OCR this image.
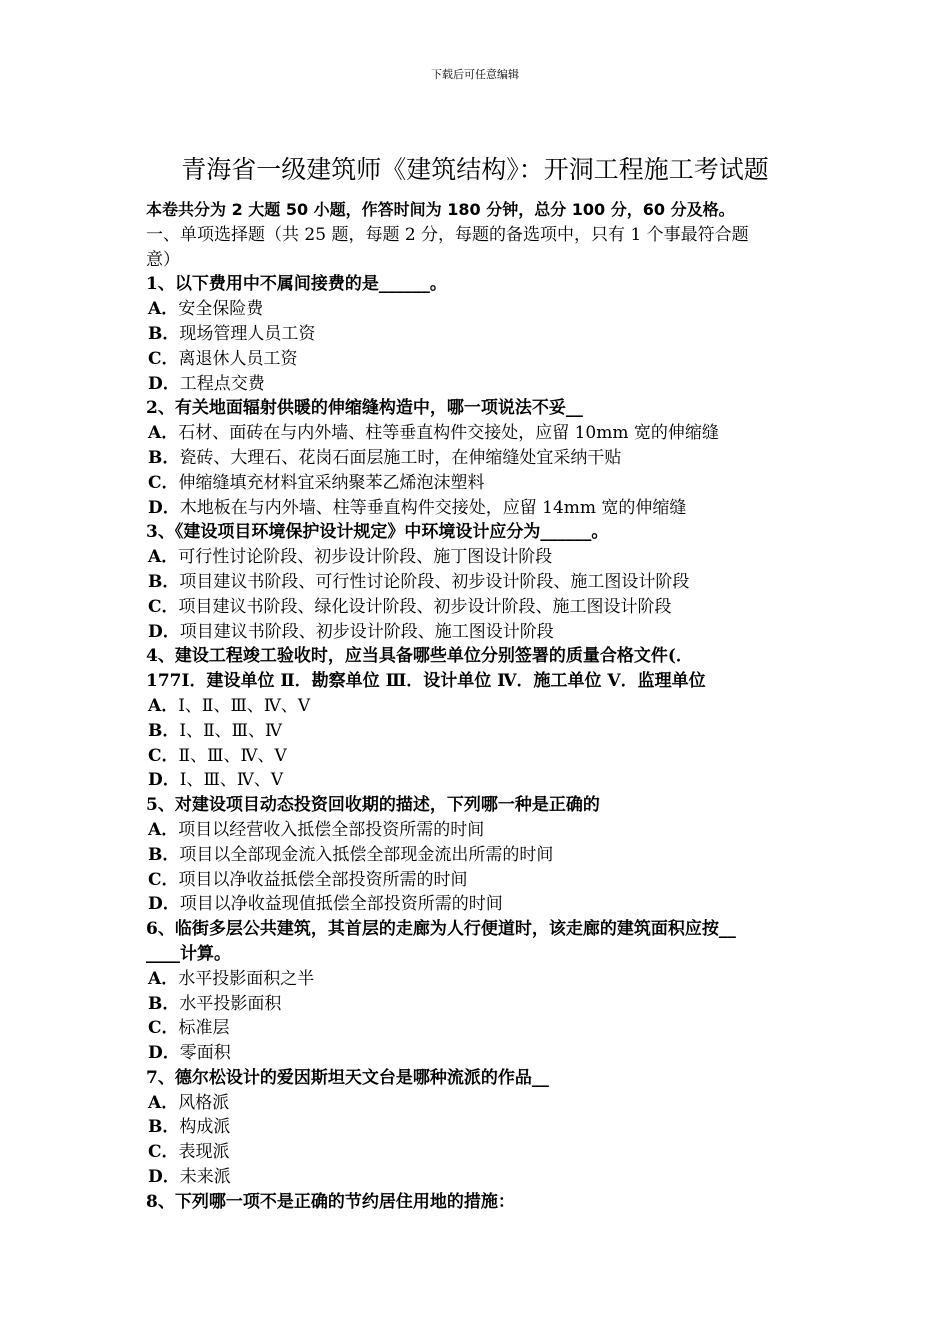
下载后可任意编辑
青海省一级建筑师《建筑结构》：开洞工程施工考试题
本卷共分为 2 大题 50 小题，作答时间为 180 分钟，总分 100 分，60 分及格。
一、单项选择题（共 25 题，每题 2 分，每题的备选项中，只有 1 个事最符合题
意）
1、以下费用中不属间接费的是______。
A．安全保险费
B．现场管理人员工资
C．离退休人员工资
D．工程点交费
2、有关地面辐射供暖的伸缩缝构造中，哪一项说法不妥__
A．石材、面砖在与内外墙、柱等垂直构件交接处，应留 10mm 宽的伸缩缝
B．瓷砖、大理石、花岗石面层施工时，在伸缩缝处宜采纳干贴
C．伸缩缝填充材料宜采纳聚苯乙烯泡沫塑料
D．木地板在与内外墙、柱等垂直构件交接处，应留 14mm 宽的伸缩缝
3、《建设项目环境保护设计规定》中环境设计应分为______。
A．可行性讨论阶段、初步设计阶段、施丁图设计阶段
B．项目建议书阶段、可行性讨论阶段、初步设计阶段、施工图设计阶段
C．项目建议书阶段、绿化设计阶段、初步设计阶段、施工图设计阶段
D．项目建议书阶段、初步设计阶段、施工图设计阶段
4、建设工程竣工验收时，应当具备哪些单位分别签署的质量合格文件(．
177Ⅰ．建设单位 Ⅱ．勘察单位 Ⅲ．设计单位 Ⅳ．施工单位 Ⅴ．监理单位
A．Ⅰ、Ⅱ、Ⅲ、Ⅳ、Ⅴ
B．Ⅰ、Ⅱ、Ⅲ、Ⅳ
C．Ⅱ、Ⅲ、Ⅳ、Ⅴ
D．Ⅰ、Ⅲ、Ⅳ、Ⅴ
5、对建设项目动态投资回收期的描述，下列哪一种是正确的
A．项目以经营收入抵偿全部投资所需的时间
B．项目以全部现金流入抵偿全部现金流出所需的时间
C．项目以净收益抵偿全部投资所需的时间
D．项目以净收益现值抵偿全部投资所需的时间
6、临街多层公共建筑，其首层的走廊为人行便道时，该走廊的建筑面积应按__
____计算。
A．水平投影面积之半
B．水平投影面积
C．标准层
D．零面积
7、德尔松设计的爱因斯坦天文台是哪种流派的作品__
A．风格派
B．构成派
C．表现派
D．未来派
8、下列哪一项不是正确的节约居住用地的措施：
